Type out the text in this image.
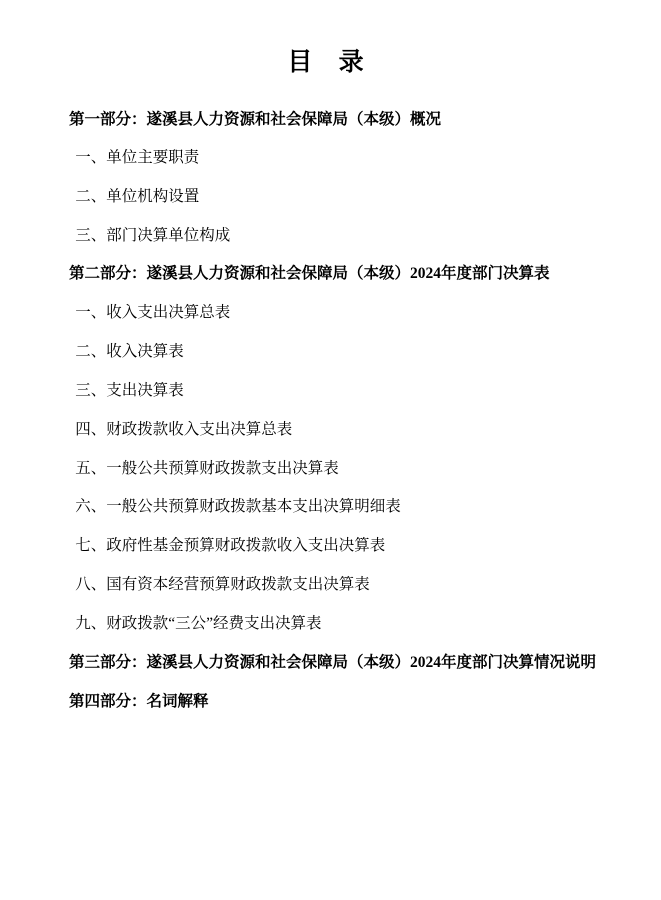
目 录
第一部分：遂溪县人力资源和社会保障局（本级）概况
一、单位主要职责
二、单位机构设置
三、部门决算单位构成
第二部分：遂溪县人力资源和社会保障局（本级）2024年度部门决算表
一、收入支出决算总表
二、收入决算表
三、支出决算表
四、财政拨款收入支出决算总表
五、一般公共预算财政拨款支出决算表
六、一般公共预算财政拨款基本支出决算明细表
七、政府性基金预算财政拨款收入支出决算表
八、国有资本经营预算财政拨款支出决算表
九、财政拨款“三公”经费支出决算表
第三部分：遂溪县人力资源和社会保障局（本级）2024年度部门决算情况说明
第四部分：名词解释
